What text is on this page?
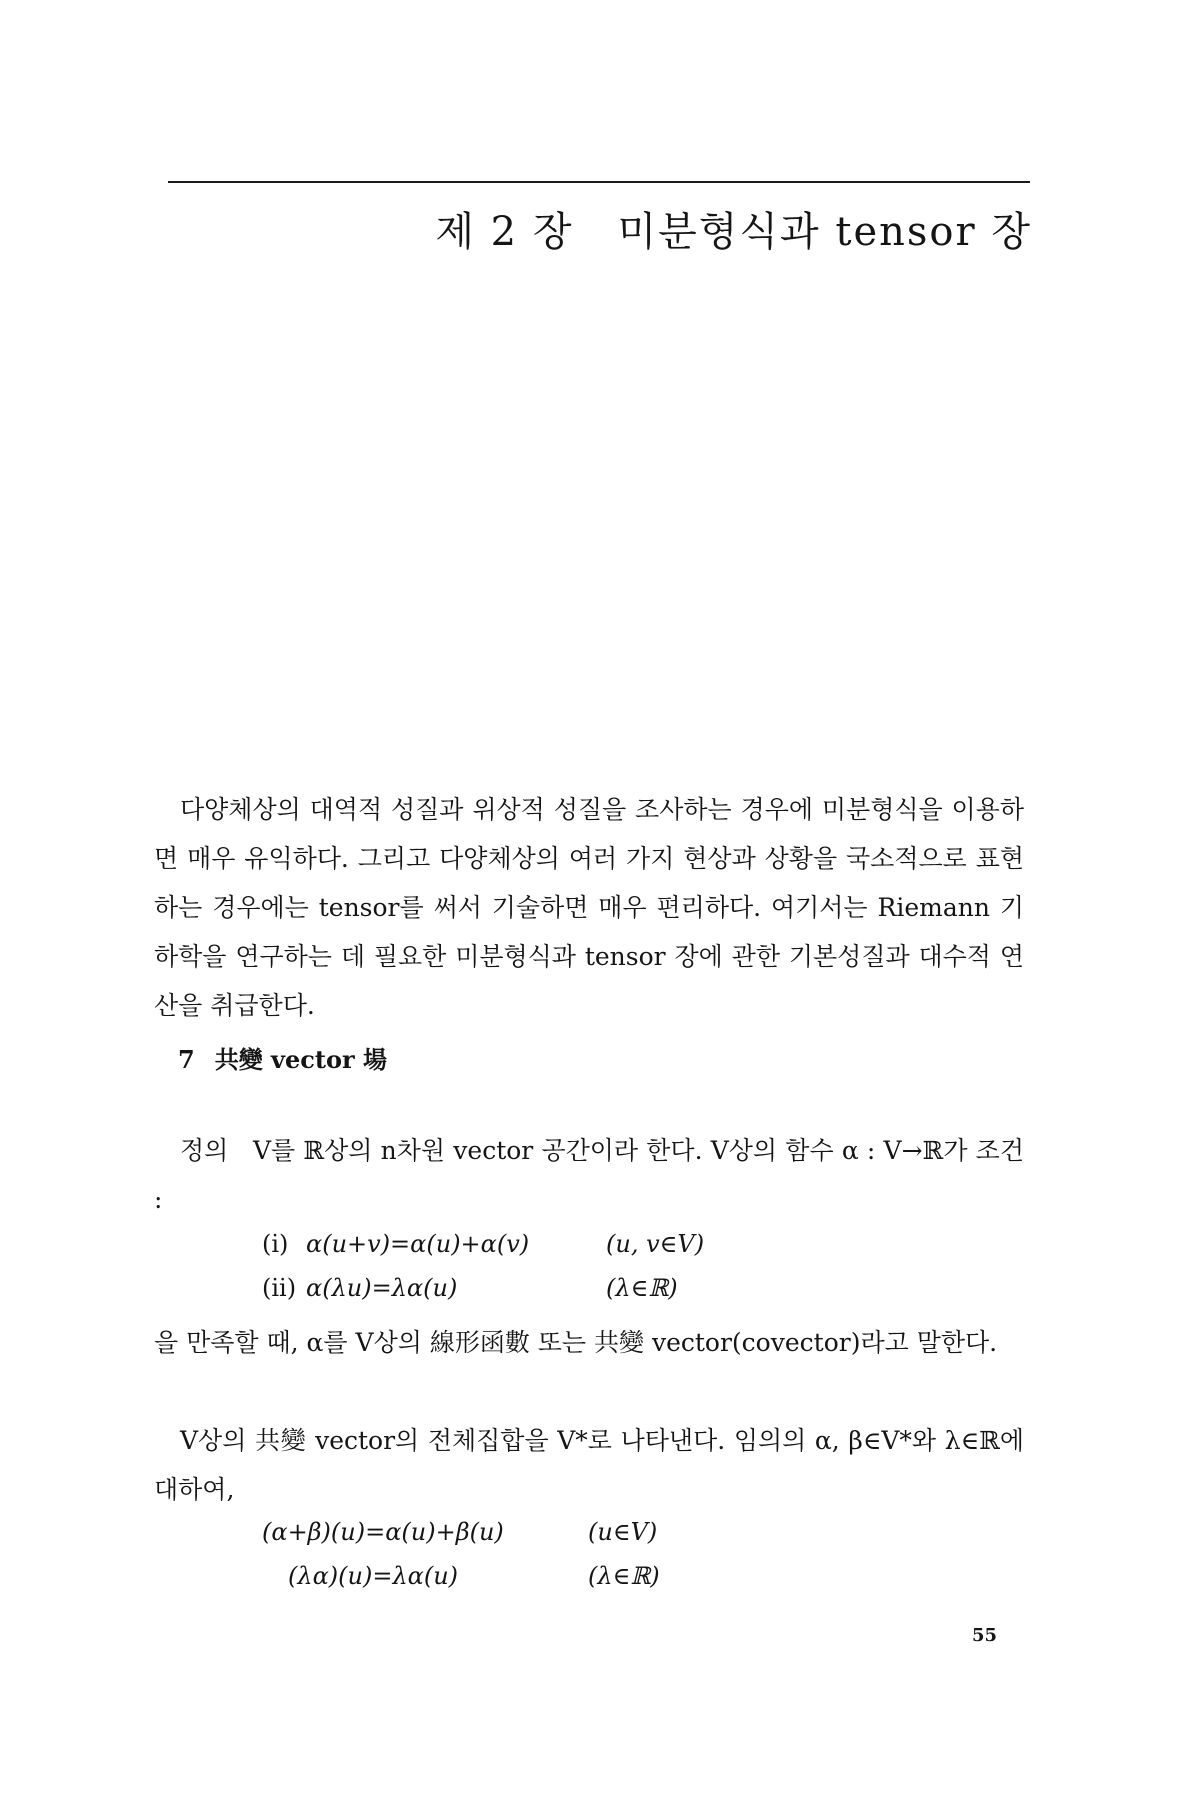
제 2 장 미분형식과 tensor 장
다양체상의 대역적 성질과 위상적 성질을 조사하는 경우에 미분형식을 이용하면 매우 유익하다. 그리고 다양체상의 여러 가지 현상과 상황을 국소적으로 표현하는 경우에는 tensor를 써서 기술하면 매우 편리하다. 여기서는 Riemann 기하학을 연구하는 데 필요한 미분형식과 tensor 장에 관한 기본성질과 대수적 연산을 취급한다.
7 共變 vector 場
정의 V를 ℝ상의 n차원 vector 공간이라 한다. V상의 함수 α : V→ℝ가 조건 :
(i)	α(u+v)=α(u)+α(v)	(u, v∈V)
(ii)	α(λu)=λα(u)	(λ∈ℝ)
을 만족할 때, α를 V상의 線形函數 또는 共變 vector(covector)라고 말한다.
V상의 共變 vector의 전체집합을 V*로 나타낸다. 임의의 α, β∈V*와 λ∈ℝ에 대하여,
(α+β)(u)=α(u)+β(u)	(u∈V)
(λα)(u)=λα(u)	(λ∈ℝ)
55
